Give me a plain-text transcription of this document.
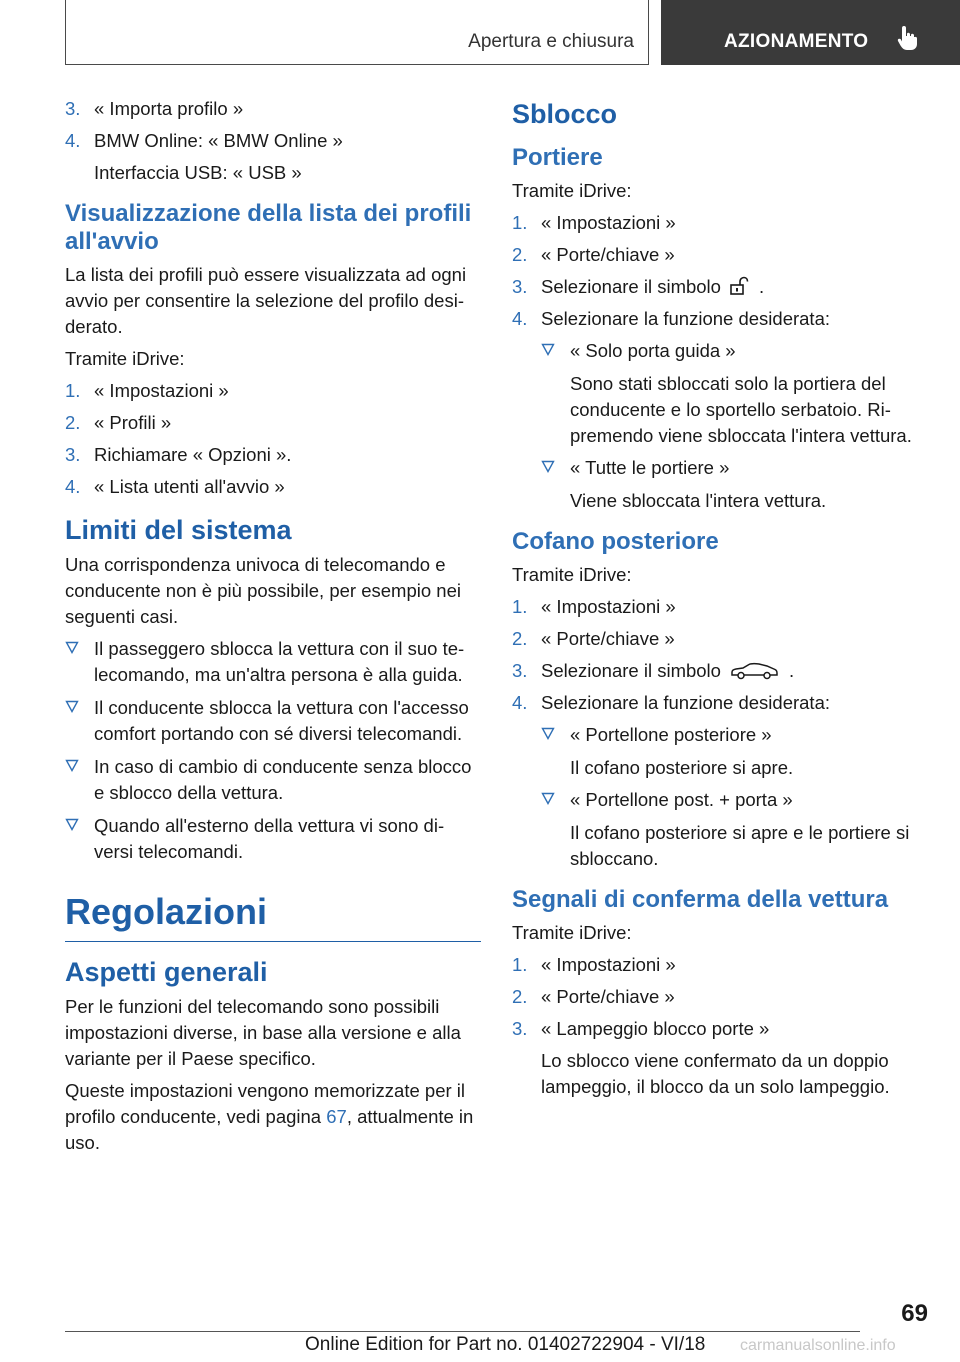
Apertura e chiusura	AZIONAMENTO
3. « Importa profilo »
4. BMW Online: « BMW Online »
Interfaccia USB: « USB »
Visualizzazione della lista dei profili all'avvio
La lista dei profili può essere visualizzata ad ogni avvio per consentire la selezione del profilo desi-derato.
Tramite iDrive:
1. « Impostazioni »
2. « Profili »
3. Richiamare « Opzioni ».
4. « Lista utenti all'avvio »
Limiti del sistema
Una corrispondenza univoca di telecomando e conducente non è più possibile, per esempio nei seguenti casi.
Il passeggero sblocca la vettura con il suo te-lecomando, ma un'altra persona è alla guida.
Il conducente sblocca la vettura con l'accesso comfort portando con sé diversi telecomandi.
In caso di cambio di conducente senza blocco e sblocco della vettura.
Quando all'esterno della vettura vi sono di-versi telecomandi.
Regolazioni
Aspetti generali
Per le funzioni del telecomando sono possibili impostazioni diverse, in base alla versione e alla variante per il Paese specifico.
Queste impostazioni vengono memorizzate per il profilo conducente, vedi pagina 67, attualmente in uso.
Sblocco
Portiere
Tramite iDrive:
1. « Impostazioni »
2. « Porte/chiave »
3. Selezionare il simbolo .
4. Selezionare la funzione desiderata:
« Solo porta guida »
Sono stati sbloccati solo la portiera del conducente e lo sportello serbatoio. Ri-premendo viene sbloccata l'intera vettura.
« Tutte le portiere »
Viene sbloccata l'intera vettura.
Cofano posteriore
Tramite iDrive:
1. « Impostazioni »
2. « Porte/chiave »
3. Selezionare il simbolo	.
4. Selezionare la funzione desiderata:
« Portellone posteriore »
Il cofano posteriore si apre.
« Portellone post. + porta »
Il cofano posteriore si apre e le portiere si sbloccano.
Segnali di conferma della vettura
Tramite iDrive:
1. « Impostazioni »
2. « Porte/chiave »
3. « Lampeggio blocco porte »
Lo sblocco viene confermato da un doppio lampeggio, il blocco da un solo lampeggio.
69
Online Edition for Part no. 01402722904 - VI/18 carmanualsonline.info
